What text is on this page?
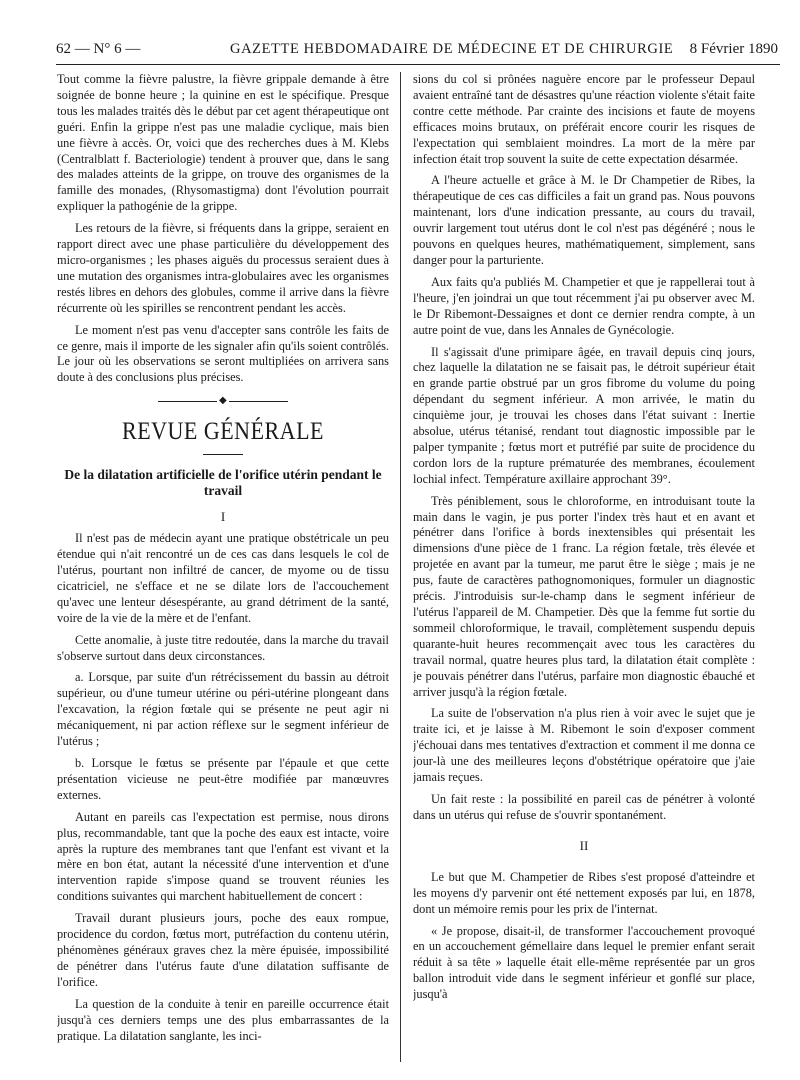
62 — N° 6 —	GAZETTE HEBDOMADAIRE DE MÉDECINE ET DE CHIRURGIE 8 Février 1890

Tout comme la fièvre palustre, la fièvre grippale demande à être soignée de bonne heure ; la quinine en est le spécifique. Presque tous les malades traités dès le début par cet agent thérapeutique ont guéri. Enfin la grippe n'est pas une maladie cyclique, mais bien une fièvre à accès. Or, voici que des recherches dues à M. Klebs (Centralblatt f. Bacteriologie) tendent à prouver que, dans le sang des malades atteints de la grippe, on trouve des organismes de la famille des monades, (Rhysomastigma) dont l'évolution pourrait expliquer la pathogénie de la grippe.

Les retours de la fièvre, si fréquents dans la grippe, seraient en rapport direct avec une phase particulière du développement des micro-organismes ; les phases aiguës du processus seraient dues à une mutation des organismes intra-globulaires avec les organismes restés libres en dehors des globules, comme il arrive dans la fièvre récurrente où les spirilles se rencontrent pendant les accès.

Le moment n'est pas venu d'accepter sans contrôle les faits de ce genre, mais il importe de les signaler afin qu'ils soient contrôlés. Le jour où les observations se seront multipliées on arrivera sans doute à des conclusions plus précises.

◆
REVUE GÉNÉRALE
De la dilatation artificielle de l'orifice utérin pendant le travail
I

Il n'est pas de médecin ayant une pratique obstétricale un peu étendue qui n'ait rencontré un de ces cas dans lesquels le col de l'utérus, pourtant non infiltré de cancer, de myome ou de tissu cicatriciel, ne s'efface et ne se dilate lors de l'accouchement qu'avec une lenteur désespérante, au grand détriment de la santé, voire de la vie de la mère et de l'enfant.

Cette anomalie, à juste titre redoutée, dans la marche du travail s'observe surtout dans deux circonstances.

a. Lorsque, par suite d'un rétrécissement du bassin au détroit supérieur, ou d'une tumeur utérine ou péri-utérine plongeant dans l'excavation, la région fœtale qui se présente ne peut agir ni mécaniquement, ni par action réflexe sur le segment inférieur de l'utérus ;

b. Lorsque le fœtus se présente par l'épaule et que cette présentation vicieuse ne peut-être modifiée par manœuvres externes.

Autant en pareils cas l'expectation est permise, nous dirons plus, recommandable, tant que la poche des eaux est intacte, voire après la rupture des membranes tant que l'enfant est vivant et la mère en bon état, autant la nécessité d'une intervention et d'une intervention rapide s'impose quand se trouvent réunies les conditions suivantes qui marchent habituellement de concert :

Travail durant plusieurs jours, poche des eaux rompue, procidence du cordon, fœtus mort, putréfaction du contenu utérin, phénomènes généraux graves chez la mère épuisée, impossibilité de pénétrer dans l'utérus faute d'une dilatation suffisante de l'orifice.

La question de la conduite à tenir en pareille occurrence était jusqu'à ces derniers temps une des plus embarrassantes de la pratique. La dilatation sanglante, les inci-

sions du col si prônées naguère encore par le professeur Depaul avaient entraîné tant de désastres qu'une réaction violente s'était faite contre cette méthode. Par crainte des incisions et faute de moyens efficaces moins brutaux, on préférait encore courir les risques de l'expectation qui semblaient moindres. La mort de la mère par infection était trop souvent la suite de cette expectation désarmée.

A l'heure actuelle et grâce à M. le Dr Champetier de Ribes, la thérapeutique de ces cas difficiles a fait un grand pas. Nous pouvons maintenant, lors d'une indication pressante, au cours du travail, ouvrir largement tout utérus dont le col n'est pas dégénéré ; nous le pouvons en quelques heures, mathématiquement, simplement, sans danger pour la parturiente.

Aux faits qu'a publiés M. Champetier et que je rappellerai tout à l'heure, j'en joindrai un que tout récemment j'ai pu observer avec M. le Dr Ribemont-Dessaignes et dont ce dernier rendra compte, à un autre point de vue, dans les Annales de Gynécologie.

Il s'agissait d'une primipare âgée, en travail depuis cinq jours, chez laquelle la dilatation ne se faisait pas, le détroit supérieur était en grande partie obstrué par un gros fibrome du volume du poing dépendant du segment inférieur. A mon arrivée, le matin du cinquième jour, je trouvai les choses dans l'état suivant : Inertie absolue, utérus tétanisé, rendant tout diagnostic impossible par le palper tympanite ; fœtus mort et putréfié par suite de procidence du cordon lors de la rupture prématurée des membranes, écoulement lochial infect. Température axillaire approchant 39°.

Très péniblement, sous le chloroforme, en introduisant toute la main dans le vagin, je pus porter l'index très haut et en avant et pénétrer dans l'orifice à bords inextensibles qui présentait les dimensions d'une pièce de 1 franc. La région fœtale, très élevée et projetée en avant par la tumeur, me parut être le siège ; mais je ne pus, faute de caractères pathognomoniques, formuler un diagnostic précis. J'introduisis sur-le-champ dans le segment inférieur de l'utérus l'appareil de M. Champetier. Dès que la femme fut sortie du sommeil chloroformique, le travail, complètement suspendu depuis quarante-huit heures recommençait avec tous les caractères du travail normal, quatre heures plus tard, la dilatation était complète : je pouvais pénétrer dans l'utérus, parfaire mon diagnostic ébauché et arriver jusqu'à la région fœtale.

La suite de l'observation n'a plus rien à voir avec le sujet que je traite ici, et je laisse à M. Ribemont le soin d'exposer comment j'échouai dans mes tentatives d'extraction et comment il me donna ce jour-là une des meilleures leçons d'obstétrique opératoire que j'aie jamais reçues.

Un fait reste : la possibilité en pareil cas de pénétrer à volonté dans un utérus qui refuse de s'ouvrir spontanément.

II

Le but que M. Champetier de Ribes s'est proposé d'atteindre et les moyens d'y parvenir ont été nettement exposés par lui, en 1878, dont un mémoire remis pour les prix de l'internat.

« Je propose, disait-il, de transformer l'accouchement provoqué en un accouchement gémellaire dans lequel le premier enfant serait réduit à sa tête » laquelle était elle-même représentée par un gros ballon introduit vide dans le segment inférieur et gonflé sur place, jusqu'à
